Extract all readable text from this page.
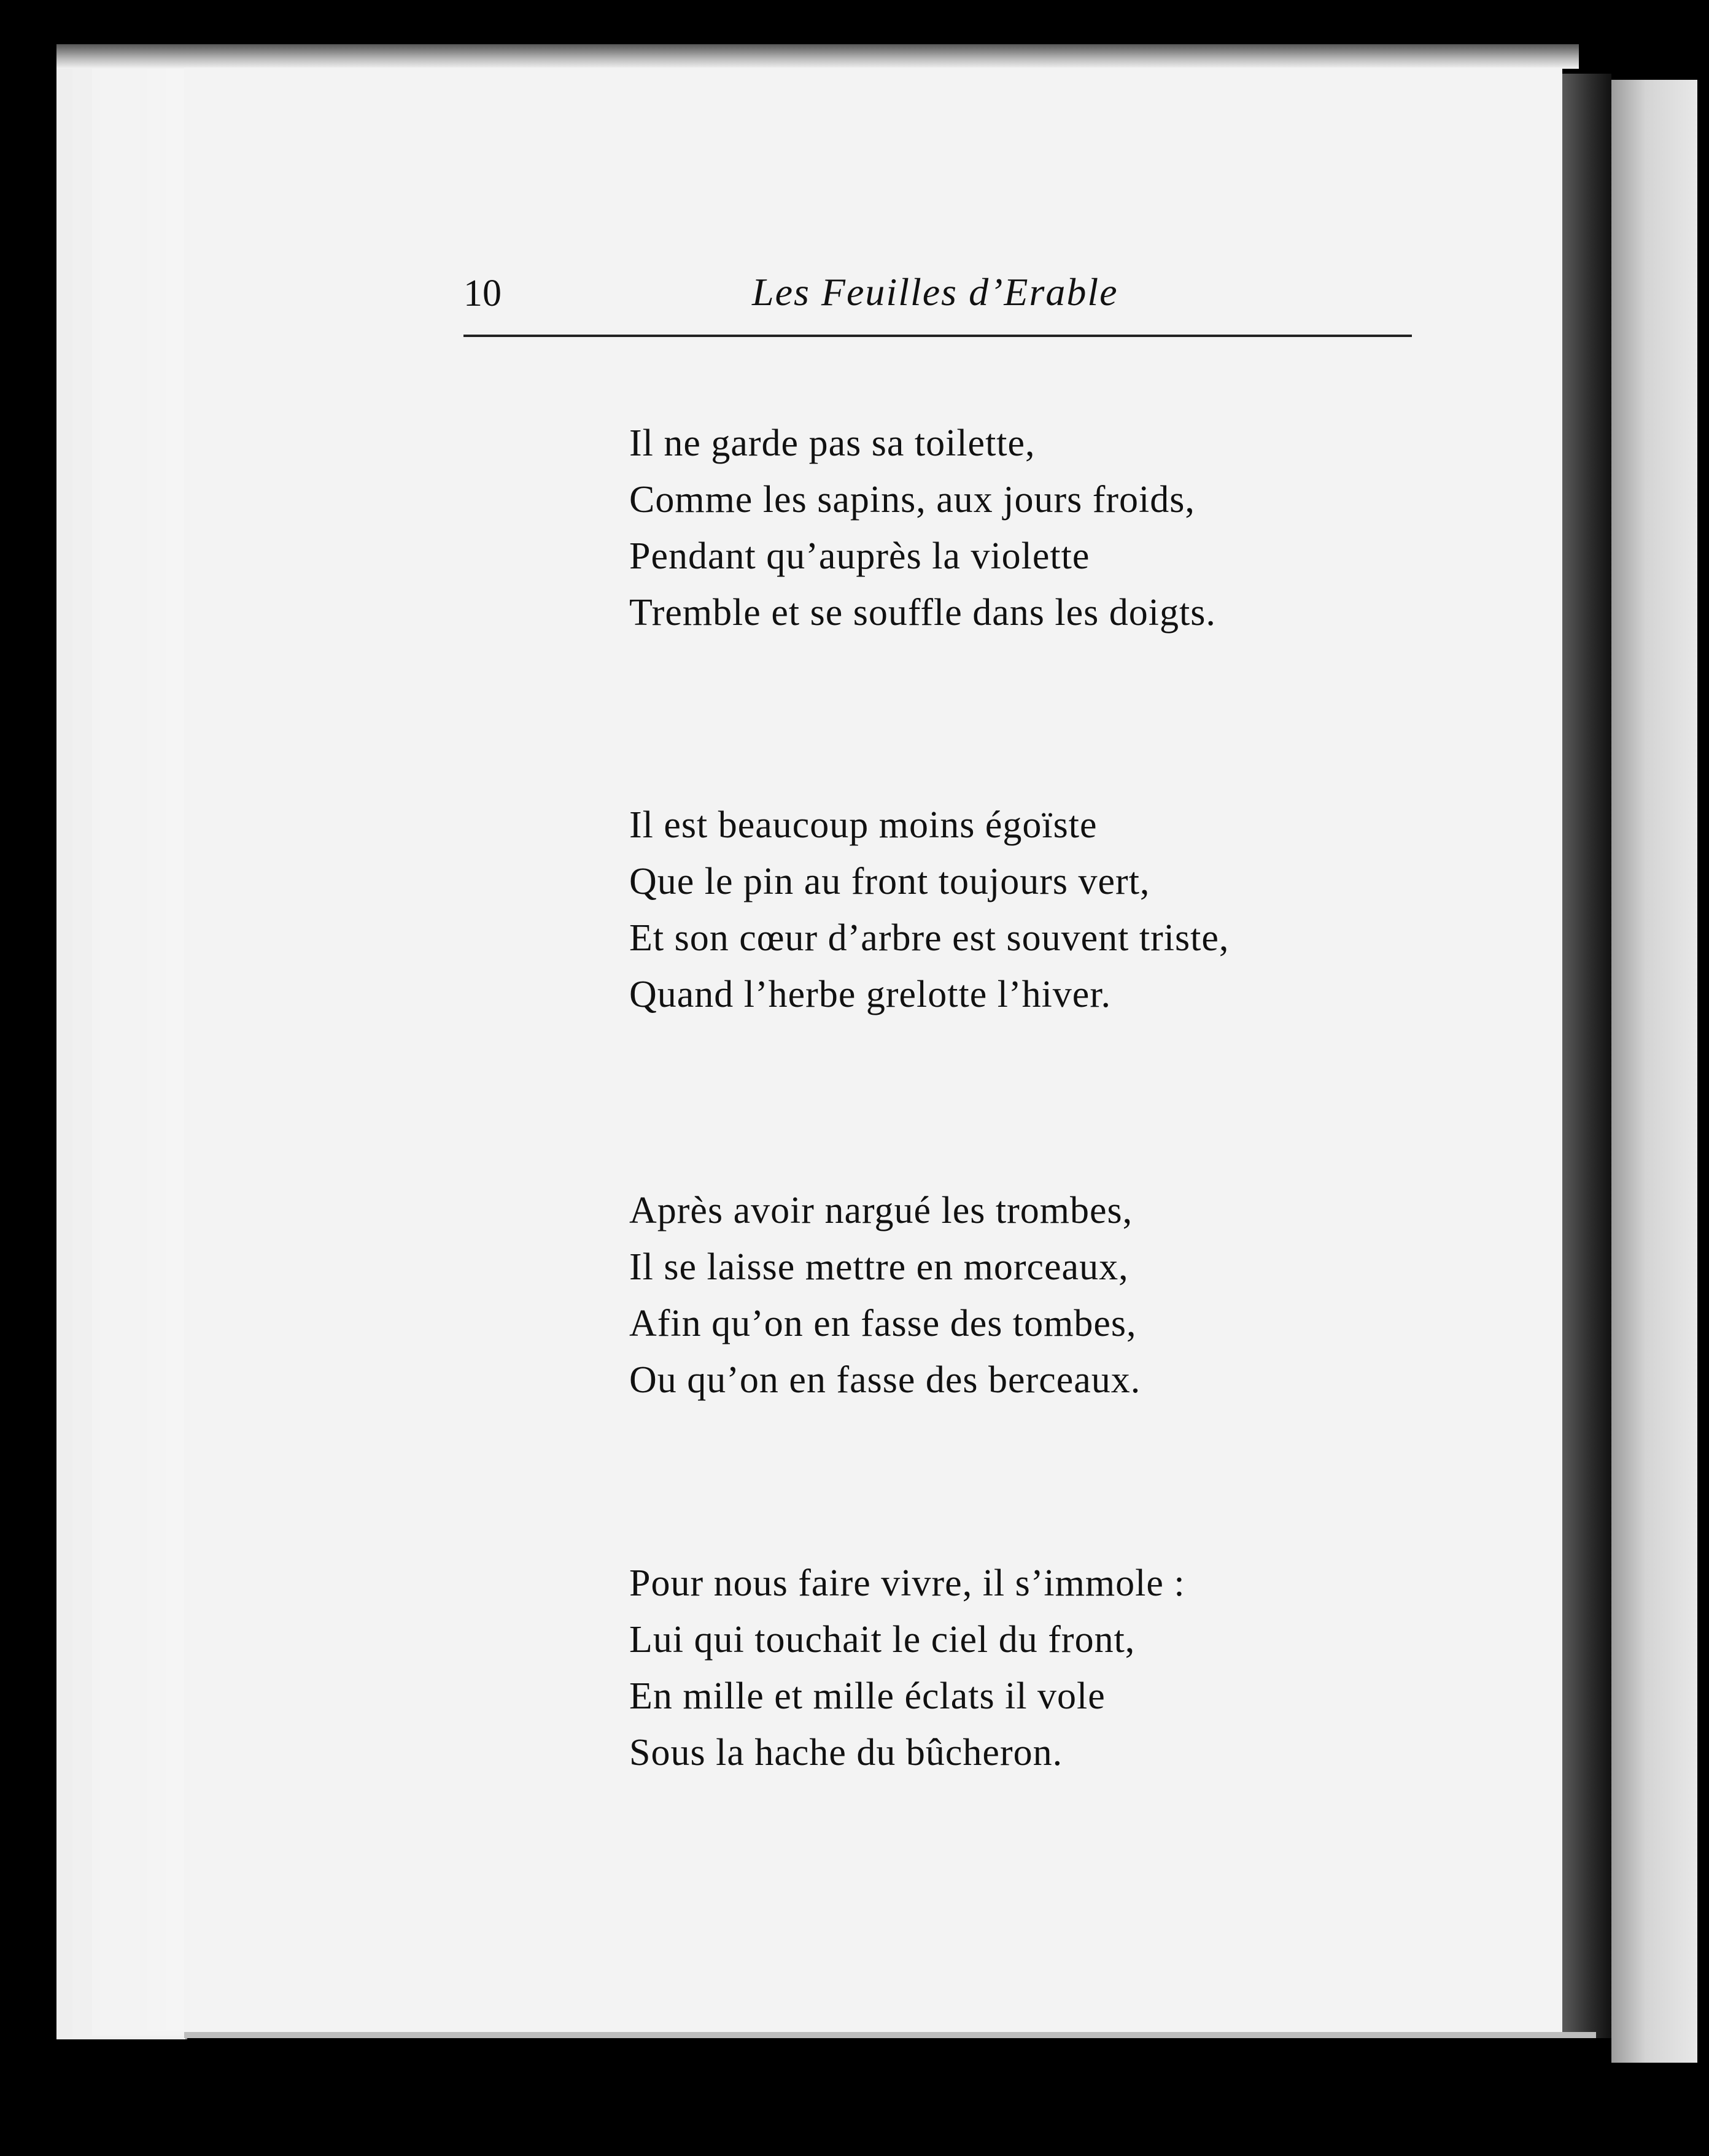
10	Les Feuilles d’Erable
Il ne garde pas sa toilette,
Comme les sapins, aux jours froids,
Pendant qu’auprès la violette
Tremble et se souffle dans les doigts.
Il est beaucoup moins égoïste
Que le pin au front toujours vert,
Et son cœur d’arbre est souvent triste,
Quand l’herbe grelotte l’hiver.
Après avoir nargué les trombes,
Il se laisse mettre en morceaux,
Afin qu’on en fasse des tombes,
Ou qu’on en fasse des berceaux.
Pour nous faire vivre, il s’immole :
Lui qui touchait le ciel du front,
En mille et mille éclats il vole
Sous la hache du bûcheron.
